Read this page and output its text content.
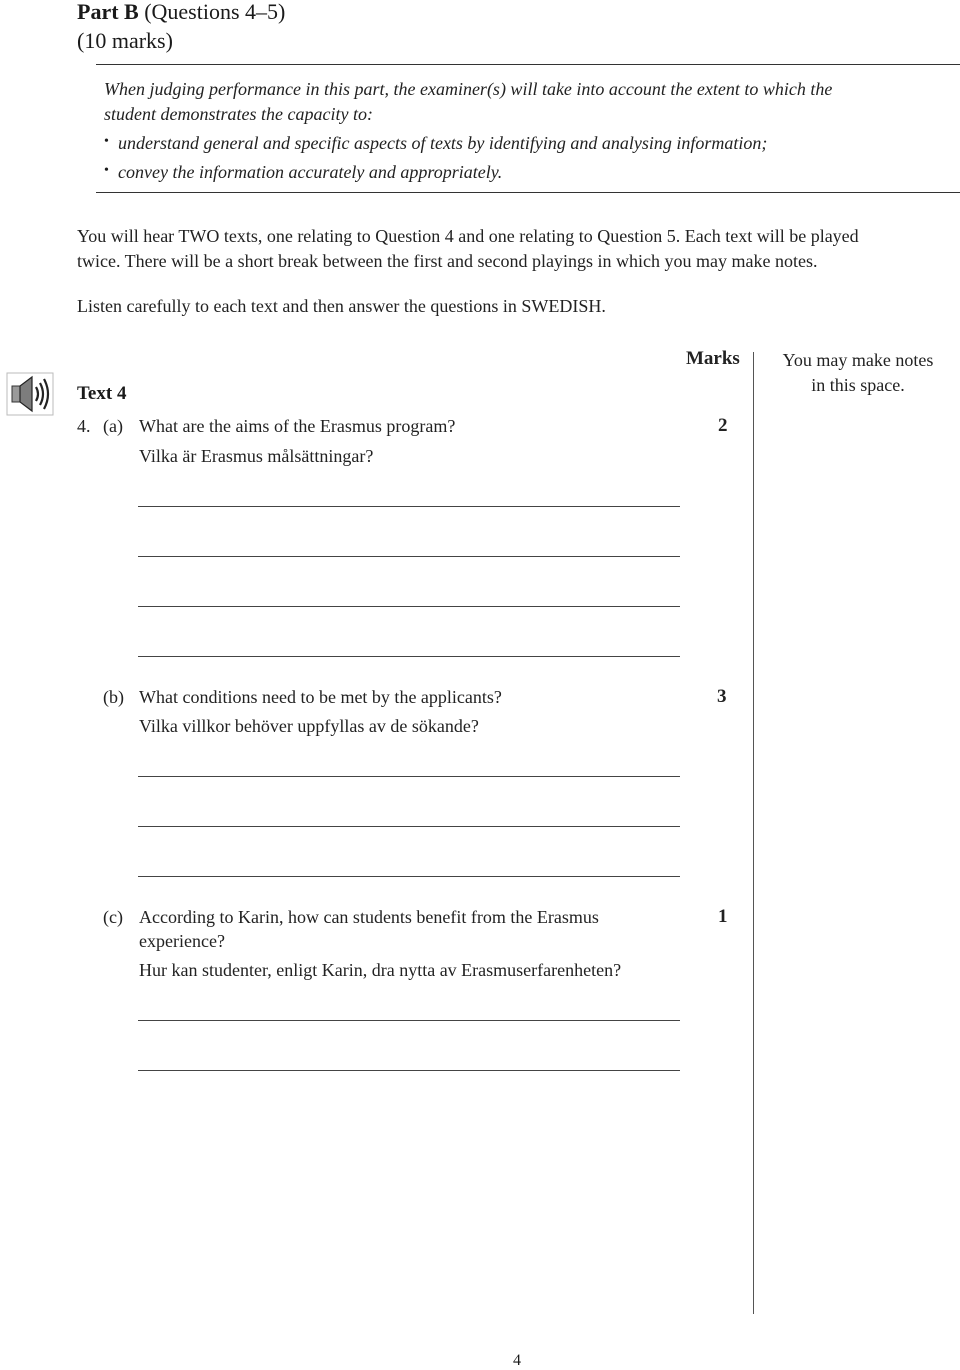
Part B (Questions 4–5)
(10 marks)
When judging performance in this part, the examiner(s) will take into account the extent to which the
student demonstrates the capacity to:
• understand general and specific aspects of texts by identifying and analysing information;
• convey the information accurately and appropriately.
You will hear TWO texts, one relating to Question 4 and one relating to Question 5. Each text will be played
twice. There will be a short break between the first and second playings in which you may make notes.
Listen carefully to each text and then answer the questions in SWEDISH.
Marks	You may make notes
in this space.
Text 4
4. (a) What are the aims of the Erasmus program?
Vilka är Erasmus målsättningar?
2
(b) What conditions need to be met by the applicants?
Vilka villkor behöver uppfyllas av de sökande?
3
(c) According to Karin, how can students benefit from the Erasmus
experience?
Hur kan studenter, enligt Karin, dra nytta av Erasmuserfarenheten?
1
4
